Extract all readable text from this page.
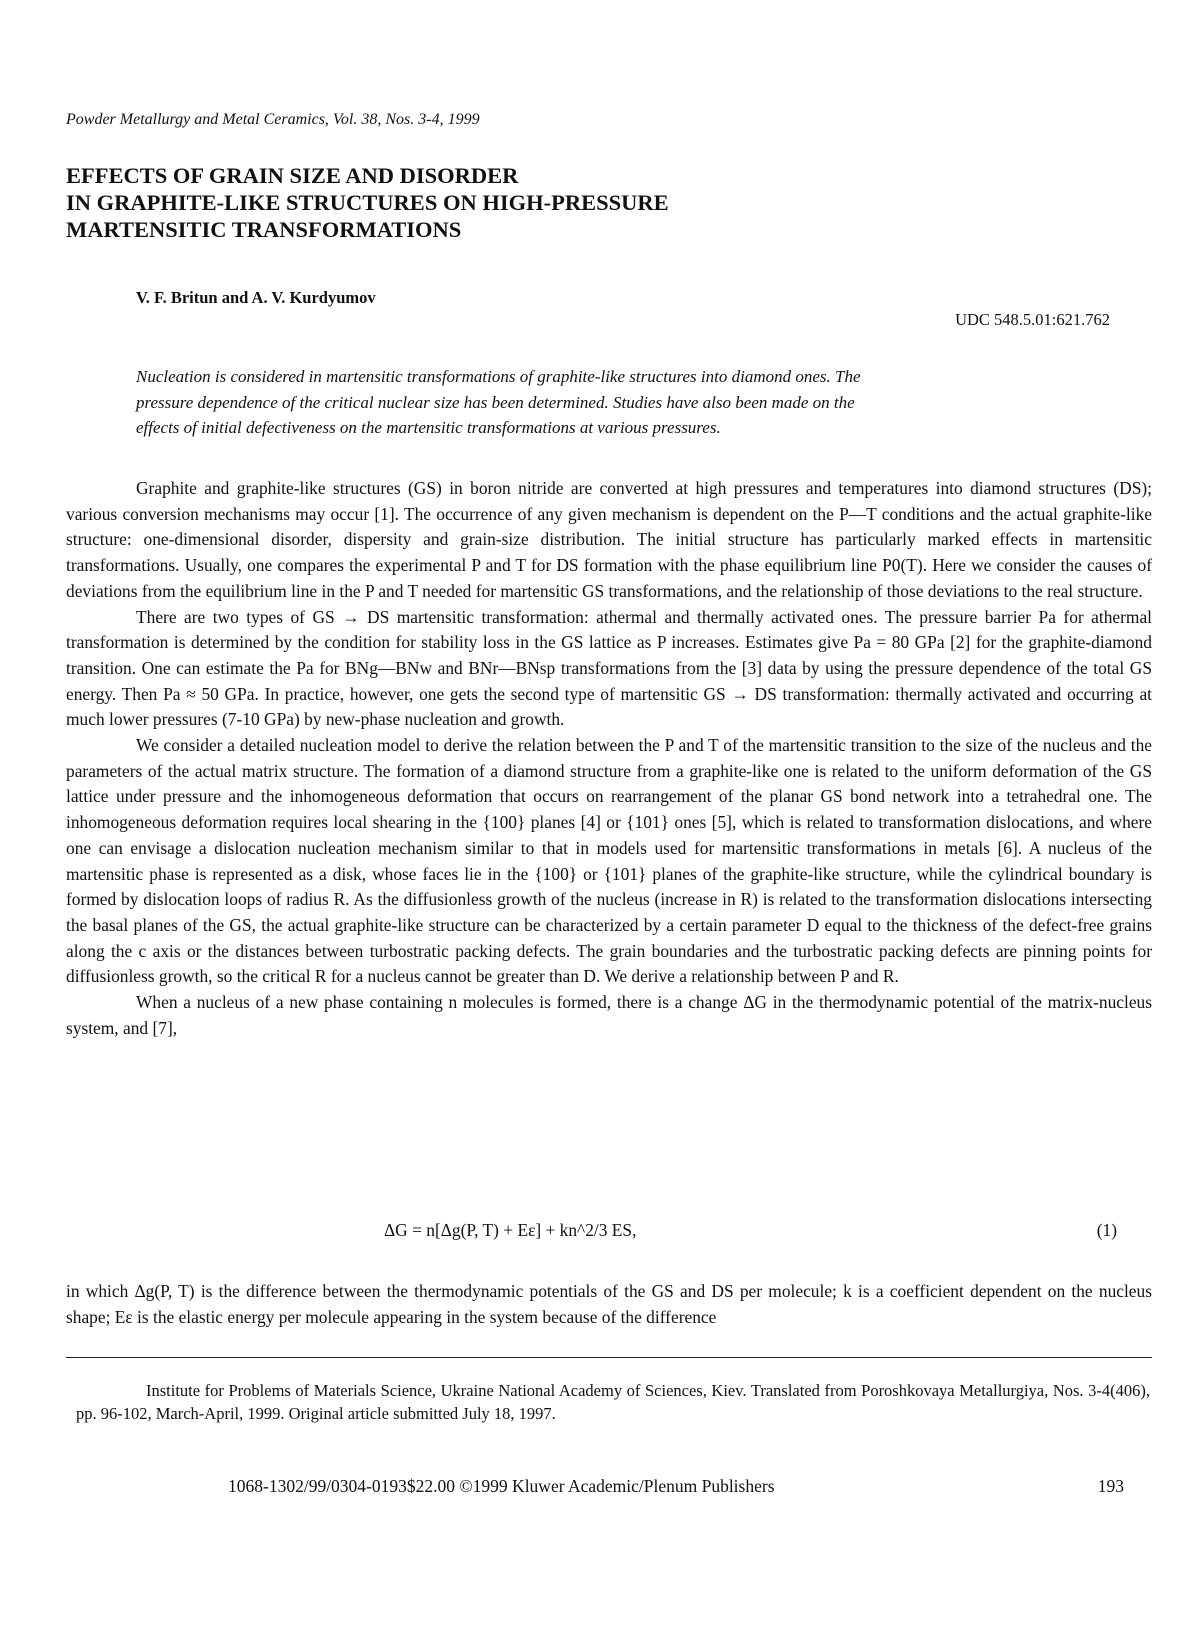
Powder Metallurgy and Metal Ceramics, Vol. 38, Nos. 3-4, 1999
EFFECTS OF GRAIN SIZE AND DISORDER
IN GRAPHITE-LIKE STRUCTURES ON HIGH-PRESSURE
MARTENSITIC TRANSFORMATIONS
V. F. Britun and A. V. Kurdyumov
UDC 548.5.01:621.762
Nucleation is considered in martensitic transformations of graphite-like structures into diamond ones. The
pressure dependence of the critical nuclear size has been determined. Studies have also been made on the
effects of initial defectiveness on the martensitic transformations at various pressures.

Graphite and graphite-like structures (GS) in boron nitride are converted at high pressures and temperatures into diamond structures (DS); various conversion mechanisms may occur [1]. The occurrence of any given mechanism is dependent on the P—T conditions and the actual graphite-like structure: one-dimensional disorder, dispersity and grain-size distribution. The initial structure has particularly marked effects in martensitic transformations. Usually, one compares the experimental P and T for DS formation with the phase equilibrium line P0(T). Here we consider the causes of deviations from the equilibrium line in the P and T needed for martensitic GS transformations, and the relationship of those deviations to the real structure.

There are two types of GS → DS martensitic transformation: athermal and thermally activated ones. The pressure barrier Pa for athermal transformation is determined by the condition for stability loss in the GS lattice as P increases. Estimates give Pa = 80 GPa [2] for the graphite-diamond transition. One can estimate the Pa for BNg—BNw and BNr—BNsp transformations from the [3] data by using the pressure dependence of the total GS energy. Then Pa ≈ 50 GPa. In practice, however, one gets the second type of martensitic GS → DS transformation: thermally activated and occurring at much lower pressures (7-10 GPa) by new-phase nucleation and growth.

We consider a detailed nucleation model to derive the relation between the P and T of the martensitic transition to the size of the nucleus and the parameters of the actual matrix structure. The formation of a diamond structure from a graphite-like one is related to the uniform deformation of the GS lattice under pressure and the inhomogeneous deformation that occurs on rearrangement of the planar GS bond network into a tetrahedral one. The inhomogeneous deformation requires local shearing in the {100} planes [4] or {101} ones [5], which is related to transformation dislocations, and where one can envisage a dislocation nucleation mechanism similar to that in models used for martensitic transformations in metals [6]. A nucleus of the martensitic phase is represented as a disk, whose faces lie in the {100} or {101} planes of the graphite-like structure, while the cylindrical boundary is formed by dislocation loops of radius R. As the diffusionless growth of the nucleus (increase in R) is related to the transformation dislocations intersecting the basal planes of the GS, the actual graphite-like structure can be characterized by a certain parameter D equal to the thickness of the defect-free grains along the c axis or the distances between turbostratic packing defects. The grain boundaries and the turbostratic packing defects are pinning points for diffusionless growth, so the critical R for a nucleus cannot be greater than D. We derive a relationship between P and R.

When a nucleus of a new phase containing n molecules is formed, there is a change ΔG in the thermodynamic potential of the matrix-nucleus system, and [7],

ΔG = n[Δg(P, T) + Eε] + kn^2/3 ES,	(1)

in which Δg(P, T) is the difference between the thermodynamic potentials of the GS and DS per molecule; k is a coefficient dependent on the nucleus shape; Eε is the elastic energy per molecule appearing in the system because of the difference

Institute for Problems of Materials Science, Ukraine National Academy of Sciences, Kiev. Translated from Poroshkovaya Metallurgiya, Nos. 3-4(406), pp. 96-102, March-April, 1999. Original article submitted July 18, 1997.

1068-1302/99/0304-0193$22.00 ©1999 Kluwer Academic/Plenum Publishers	193
